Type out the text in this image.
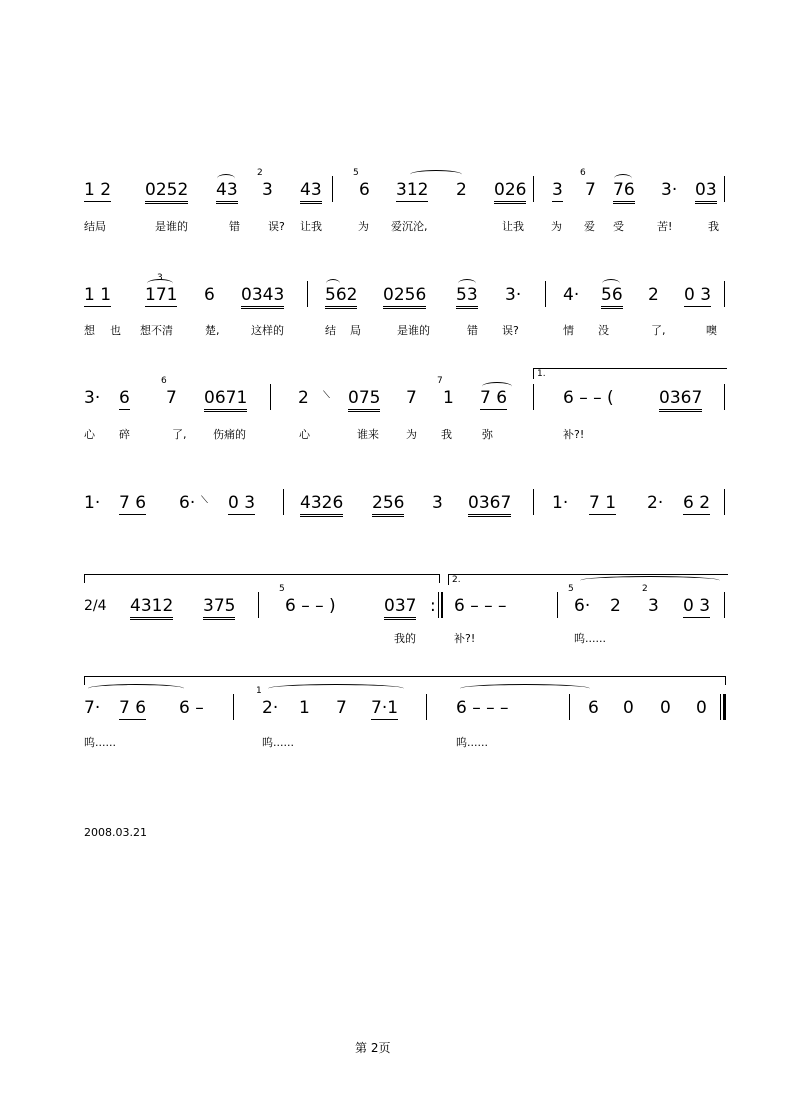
1 2 0252 43
2
3 43
5
6 312 2 026 3
6
7 76 3· 03
结局	是谁的	错	误? 让我	为 爱沉沦,	让我 为 爱 受	苦!	我
1 1
3
171 6 0343 562 0256 53 3· 4· 56 2 0 3
想 也 想不清	楚,	这样的	结 局	是谁的	错 误?	情 没	了,	噢
1.
3· 6
6
7 0671	2 ⟍ 075 7
7
1 7 6	6 – – (	0367
心 碎	了, 伤痛的	心	谁来 为 我	弥	补?!
1· 7 6 6· ⟍ 0 3	4326 256 3 0367 1· 7 1 2· 6 2
2.
2/4 4312 375
5
6 – – )	037 : 6 – – –
5
6· 2
2
3 0 3
我的	补?!	呜......
7· 7 6 6 –
1
2· 1 7 7·1	6 – – –	6 0 0 0
呜......	呜......	呜......
2008.03.21
第 2页
